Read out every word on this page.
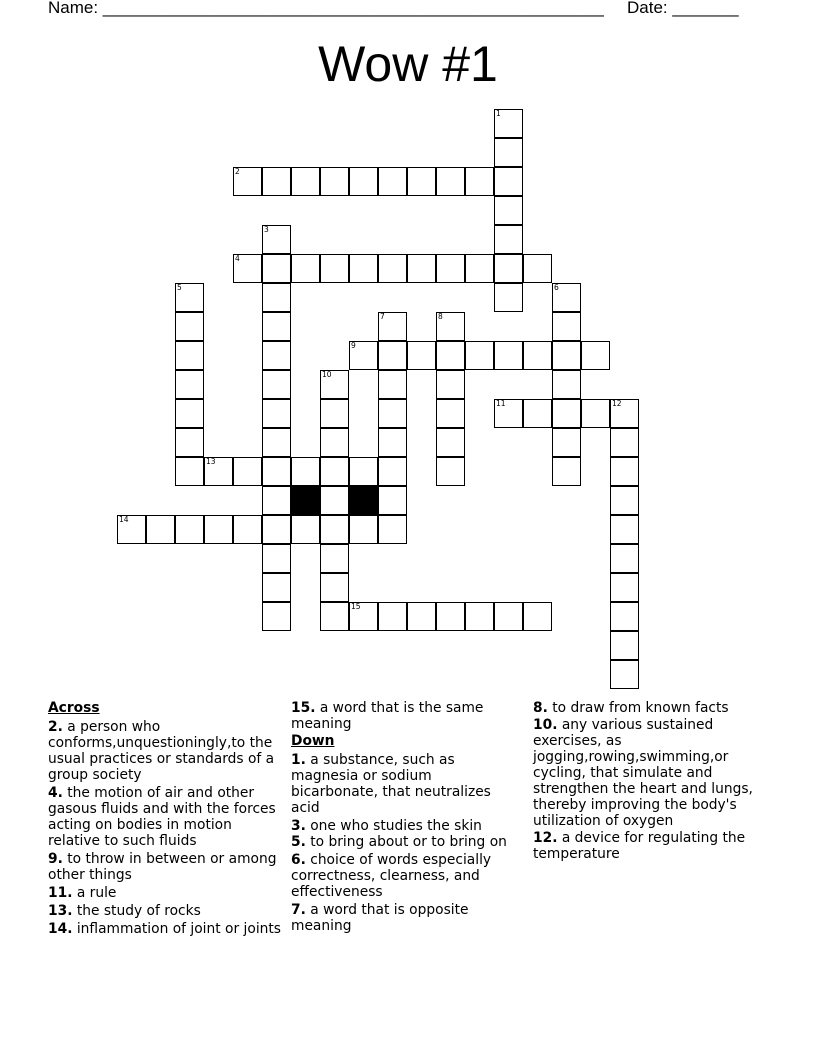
Name: _____________________________________________________ Date: _______
Wow #1
1
2
3
4
5	6
7	8
9
10
11	12
13
14
15
Across
2. a person who conforms,unquestioningly,to the usual practices or standards of a group society
4. the motion of air and other gasous fluids and with the forces acting on bodies in motion relative to such fluids
9. to throw in between or among other things
11. a rule
13. the study of rocks
14. inflammation of joint or joints
15. a word that is the same meaning
Down
1. a substance, such as magnesia or sodium bicarbonate, that neutralizes acid
3. one who studies the skin
5. to bring about or to bring on
6. choice of words especially correctness, clearness, and effectiveness
7. a word that is opposite meaning
8. to draw from known facts
10. any various sustained exercises, as jogging,rowing,swimming,or cycling, that simulate and strengthen the heart and lungs, thereby improving the body's utilization of oxygen
12. a device for regulating the temperature
